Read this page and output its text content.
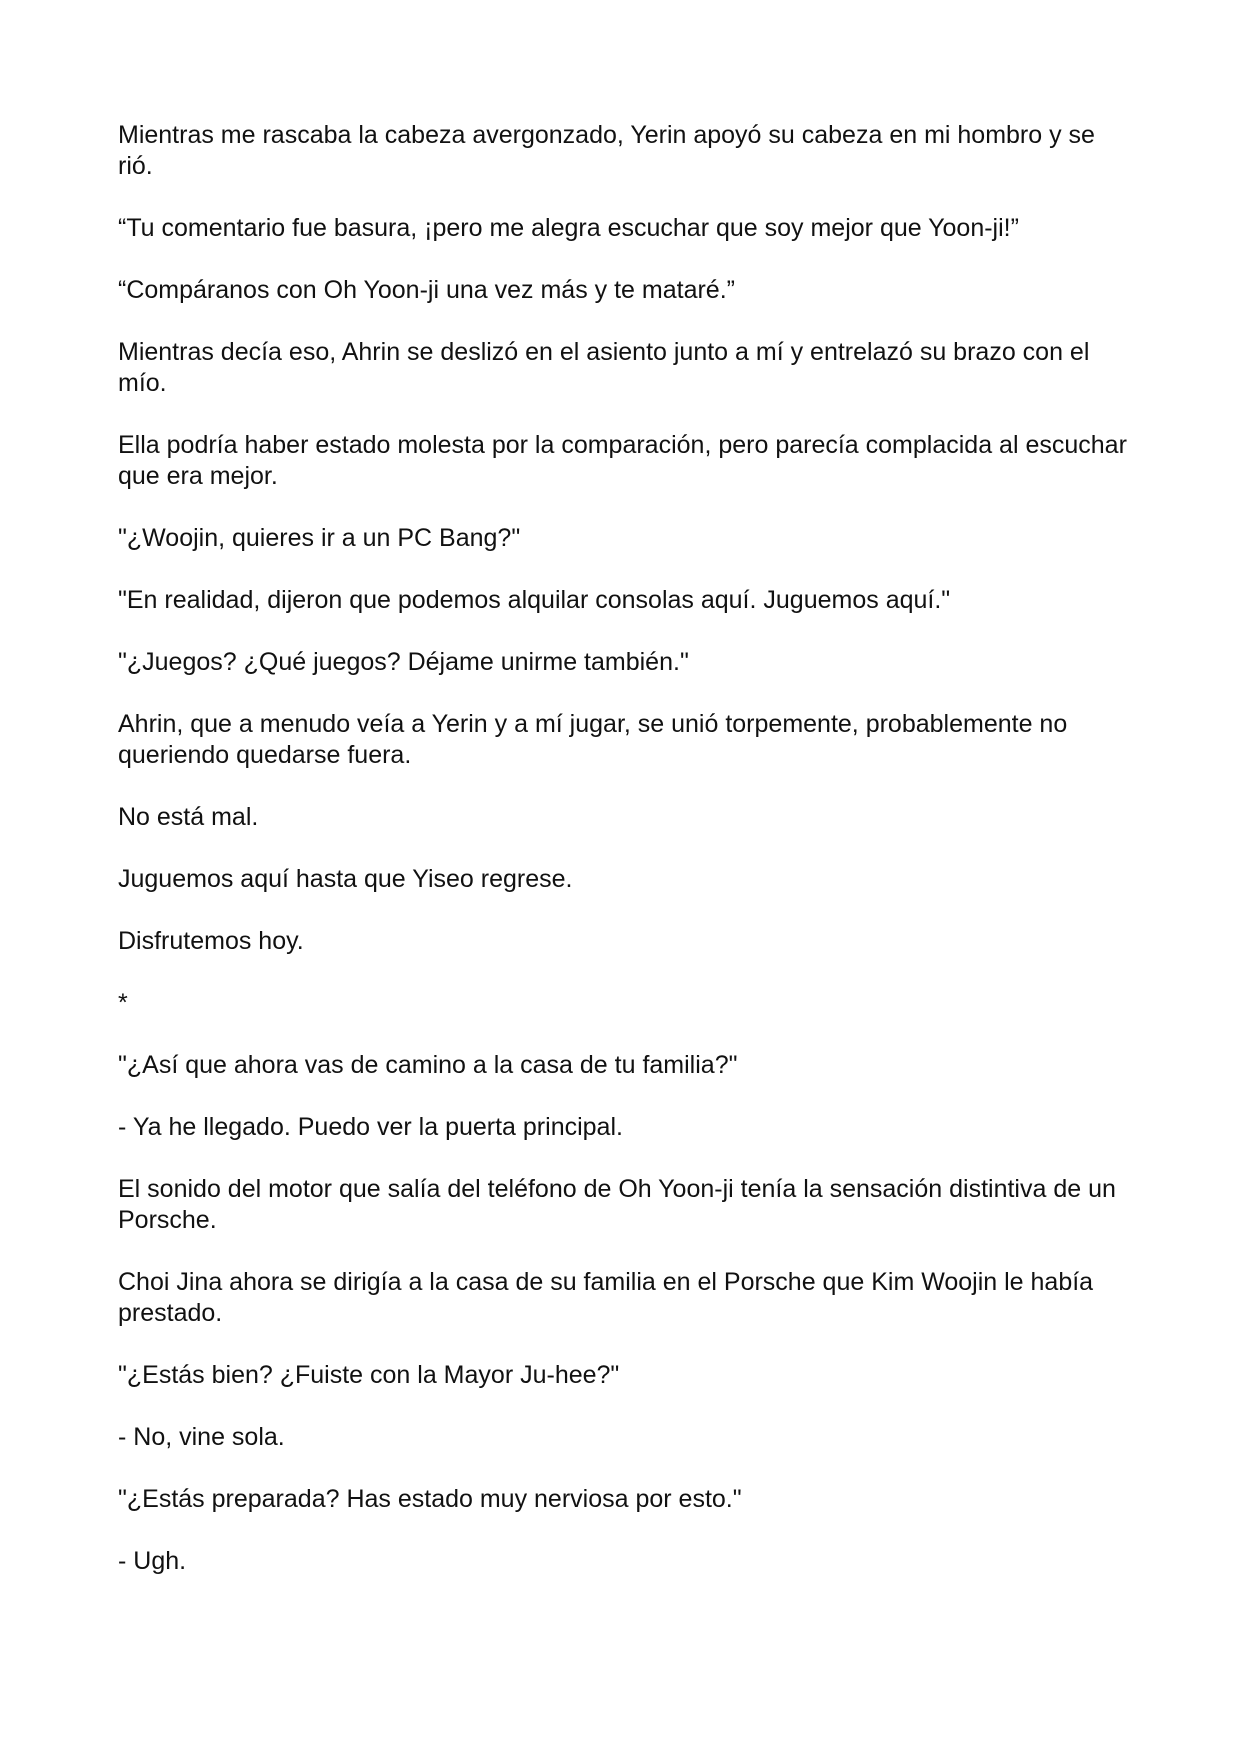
Mientras me rascaba la cabeza avergonzado, Yerin apoyó su cabeza en mi hombro y se rió.

“Tu comentario fue basura, ¡pero me alegra escuchar que soy mejor que Yoon-ji!”

“Compáranos con Oh Yoon-ji una vez más y te mataré.”

Mientras decía eso, Ahrin se deslizó en el asiento junto a mí y entrelazó su brazo con el mío.

Ella podría haber estado molesta por la comparación, pero parecía complacida al escuchar que era mejor.

"¿Woojin, quieres ir a un PC Bang?"

"En realidad, dijeron que podemos alquilar consolas aquí. Juguemos aquí."

"¿Juegos? ¿Qué juegos? Déjame unirme también."

Ahrin, que a menudo veía a Yerin y a mí jugar, se unió torpemente, probablemente no queriendo quedarse fuera.

No está mal.

Juguemos aquí hasta que Yiseo regrese.

Disfrutemos hoy.

*

"¿Así que ahora vas de camino a la casa de tu familia?"

- Ya he llegado. Puedo ver la puerta principal.

El sonido del motor que salía del teléfono de Oh Yoon-ji tenía la sensación distintiva de un Porsche.

Choi Jina ahora se dirigía a la casa de su familia en el Porsche que Kim Woojin le había prestado.

"¿Estás bien? ¿Fuiste con la Mayor Ju-hee?"

- No, vine sola.

"¿Estás preparada? Has estado muy nerviosa por esto."

- Ugh.
